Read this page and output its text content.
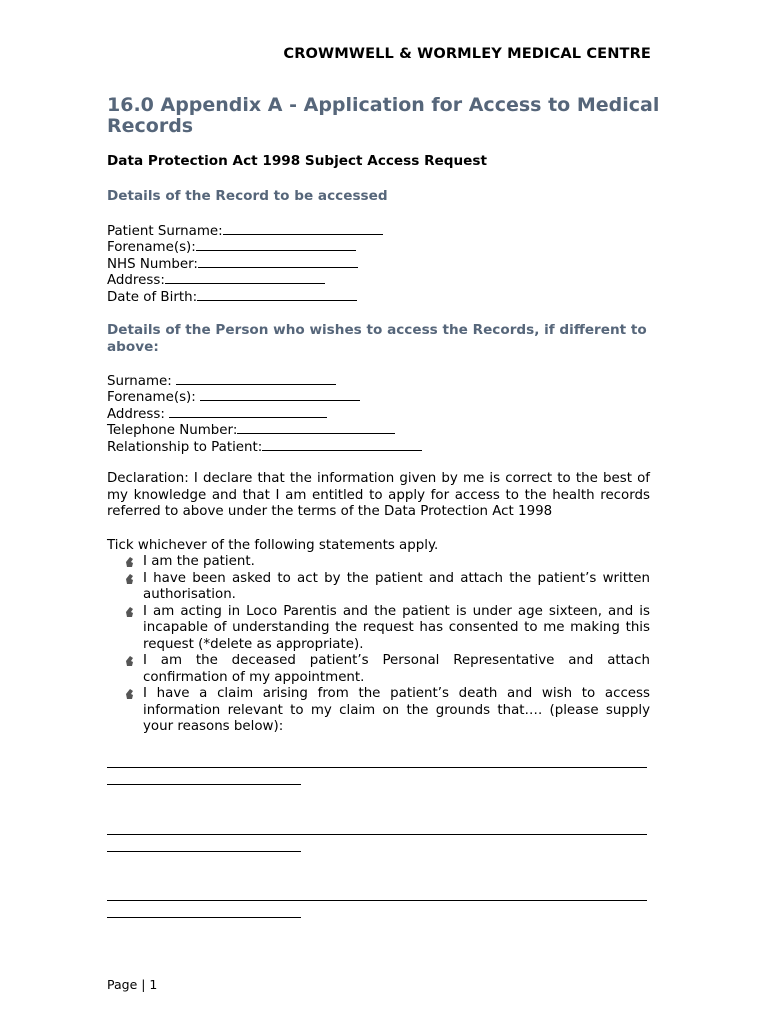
CROWMWELL & WORMLEY MEDICAL CENTRE
16.0 Appendix A - Application for Access to Medical Records
Data Protection Act 1998 Subject Access Request
Details of the Record to be accessed
Patient Surname:
Forename(s):
NHS Number:
Address:
Date of Birth:
Details of the Person who wishes to access the Records, if different to above:
Surname:
Forename(s):
Address:
Telephone Number:
Relationship to Patient:
Declaration: I declare that the information given by me is correct to the best of my knowledge and that I am entitled to apply for access to the health records referred to above under the terms of the Data Protection Act 1998
Tick whichever of the following statements apply.
I am the patient.
I have been asked to act by the patient and attach the patient’s written authorisation.
I am acting in Loco Parentis and the patient is under age sixteen, and is incapable of understanding the request has consented to me making this request (*delete as appropriate).
I am the deceased patient’s Personal Representative and attach confirmation of my appointment.
I have a claim arising from the patient’s death and wish to access information relevant to my claim on the grounds that…. (please supply your reasons below):
Page | 1
